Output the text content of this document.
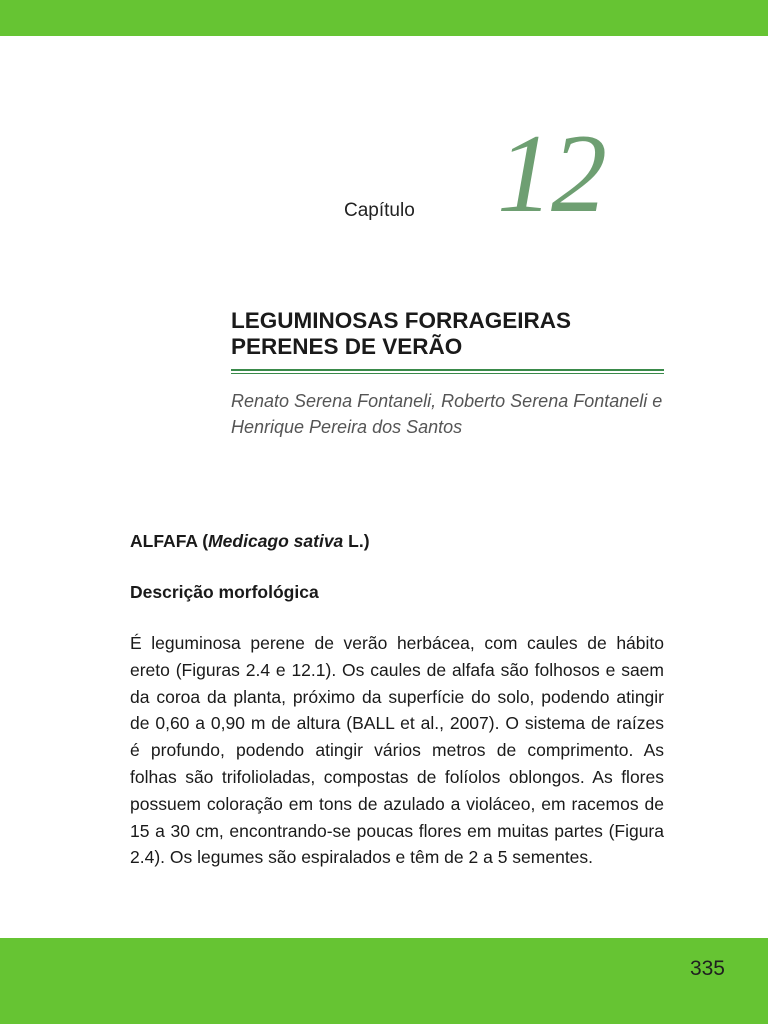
Capítulo 12
LEGUMINOSAS FORRAGEIRAS
PERENES DE VERÃO
Renato Serena Fontaneli, Roberto Serena Fontaneli e Henrique Pereira dos Santos
ALFAFA (Medicago sativa L.)
Descrição morfológica

É leguminosa perene de verão herbácea, com caules de hábito ereto (Figuras 2.4 e 12.1). Os caules de alfafa são folhosos e saem da coroa da planta, próximo da superfície do solo, podendo atingir de 0,60 a 0,90 m de altura (BALL et al., 2007). O sistema de raízes é profundo, podendo atingir vários metros de comprimento. As folhas são trifolioladas, compostas de folíolos oblongos. As flores possuem coloração em tons de azulado a violáceo, em racemos de 15 a 30 cm, encontrando-se poucas flores em muitas partes (Figura 2.4). Os legumes são espiralados e têm de 2 a 5 sementes.

335
